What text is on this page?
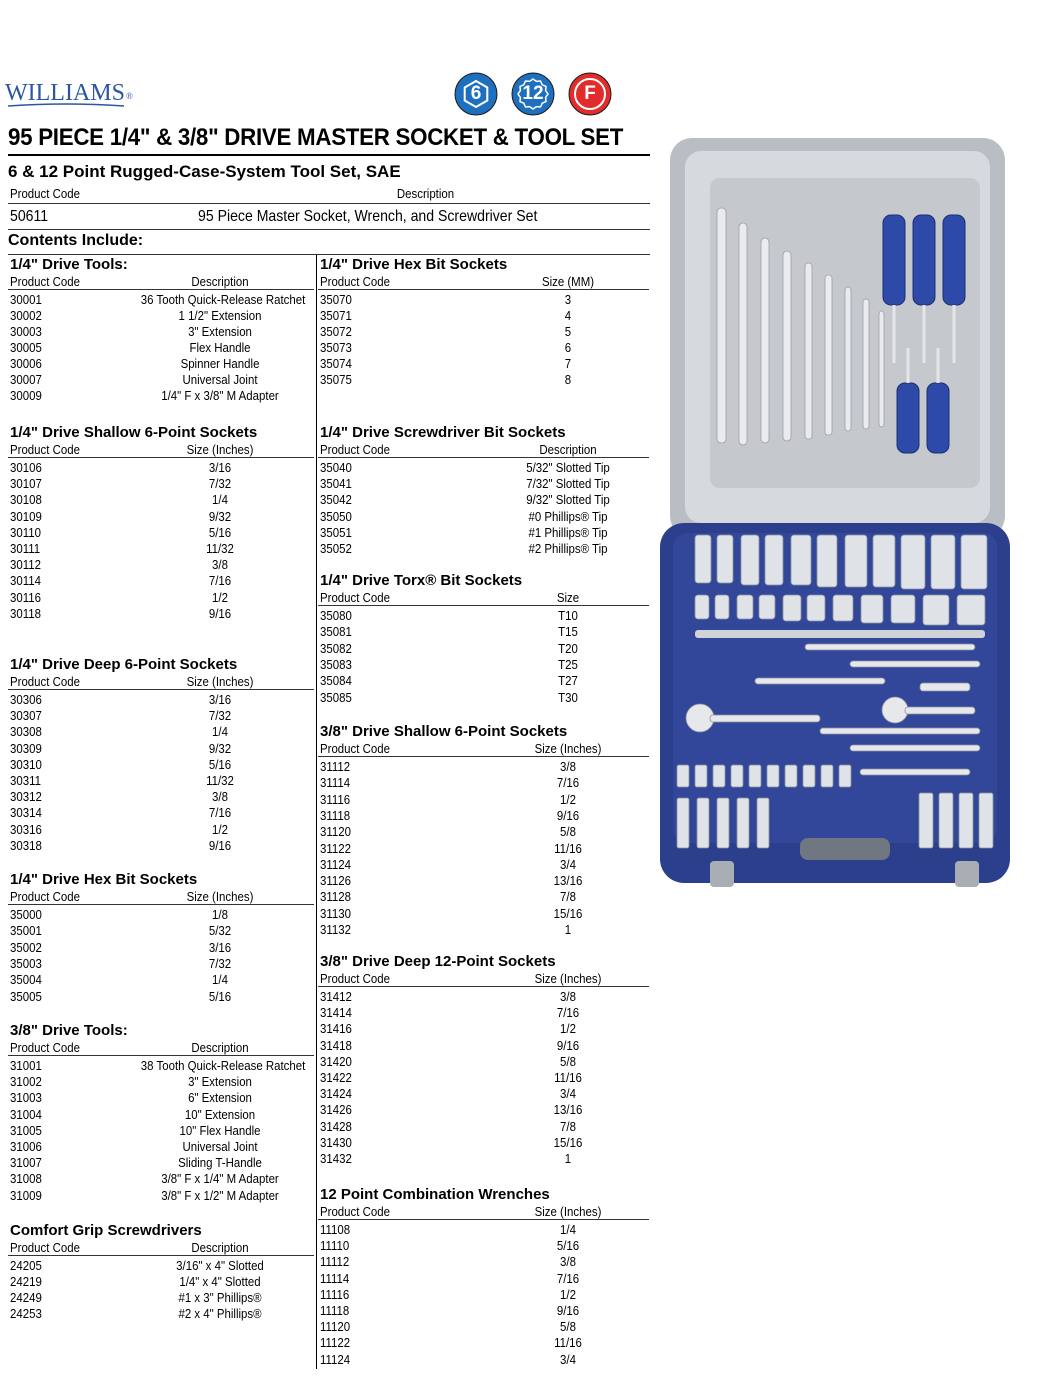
WILLIAMS®	6 12 F
95 PIECE 1/4" & 3/8" DRIVE MASTER SOCKET & TOOL SET
6 & 12 Point Rugged-Case-System Tool Set, SAE
Product Code	Description
50611	95 Piece Master Socket, Wrench, and Screwdriver Set
Contents Include:
1/4" Drive Tools:
Product Code	Description
30001	36 Tooth Quick-Release Ratchet
30002	1 1/2" Extension
30003	3" Extension
30005	Flex Handle
30006	Spinner Handle
30007	Universal Joint
30009	1/4" F x 3/8" M Adapter
1/4" Drive Shallow 6-Point Sockets
Product Code	Size (Inches)
30106	3/16
30107	7/32
30108	1/4
30109	9/32
30110	5/16
30111	11/32
30112	3/8
30114	7/16
30116	1/2
30118	9/16
1/4" Drive Deep 6-Point Sockets
Product Code	Size (Inches)
30306	3/16
30307	7/32
30308	1/4
30309	9/32
30310	5/16
30311	11/32
30312	3/8
30314	7/16
30316	1/2
30318	9/16
1/4" Drive Hex Bit Sockets
Product Code	Size (Inches)
35000	1/8
35001	5/32
35002	3/16
35003	7/32
35004	1/4
35005	5/16
3/8" Drive Tools:
Product Code	Description
31001	38 Tooth Quick-Release Ratchet
31002	3" Extension
31003	6" Extension
31004	10" Extension
31005	10" Flex Handle
31006	Universal Joint
31007	Sliding T-Handle
31008	3/8" F x 1/4" M Adapter
31009	3/8" F x 1/2" M Adapter
Comfort Grip Screwdrivers
Product Code	Description
24205	3/16" x 4" Slotted
24219	1/4" x 4" Slotted
24249	#1 x 3" Phillips®
24253	#2 x 4" Phillips®
1/4" Drive Hex Bit Sockets
Product Code	Size (MM)
35070	3
35071	4
35072	5
35073	6
35074	7
35075	8
1/4" Drive Screwdriver Bit Sockets
Product Code	Description
35040	5/32" Slotted Tip
35041	7/32" Slotted Tip
35042	9/32" Slotted Tip
35050	#0 Phillips® Tip
35051	#1 Phillips® Tip
35052	#2 Phillips® Tip
1/4" Drive Torx® Bit Sockets
Product Code	Size
35080	T10
35081	T15
35082	T20
35083	T25
35084	T27
35085	T30
3/8" Drive Shallow 6-Point Sockets
Product Code	Size (Inches)
31112	3/8
31114	7/16
31116	1/2
31118	9/16
31120	5/8
31122	11/16
31124	3/4
31126	13/16
31128	7/8
31130	15/16
31132	1
3/8" Drive Deep 12-Point Sockets
Product Code	Size (Inches)
31412	3/8
31414	7/16
31416	1/2
31418	9/16
31420	5/8
31422	11/16
31424	3/4
31426	13/16
31428	7/8
31430	15/16
31432	1
12 Point Combination Wrenches
Product Code	Size (Inches)
11108	1/4
11110	5/16
11112	3/8
11114	7/16
11116	1/2
11118	9/16
11120	5/8
11122	11/16
11124	3/4
